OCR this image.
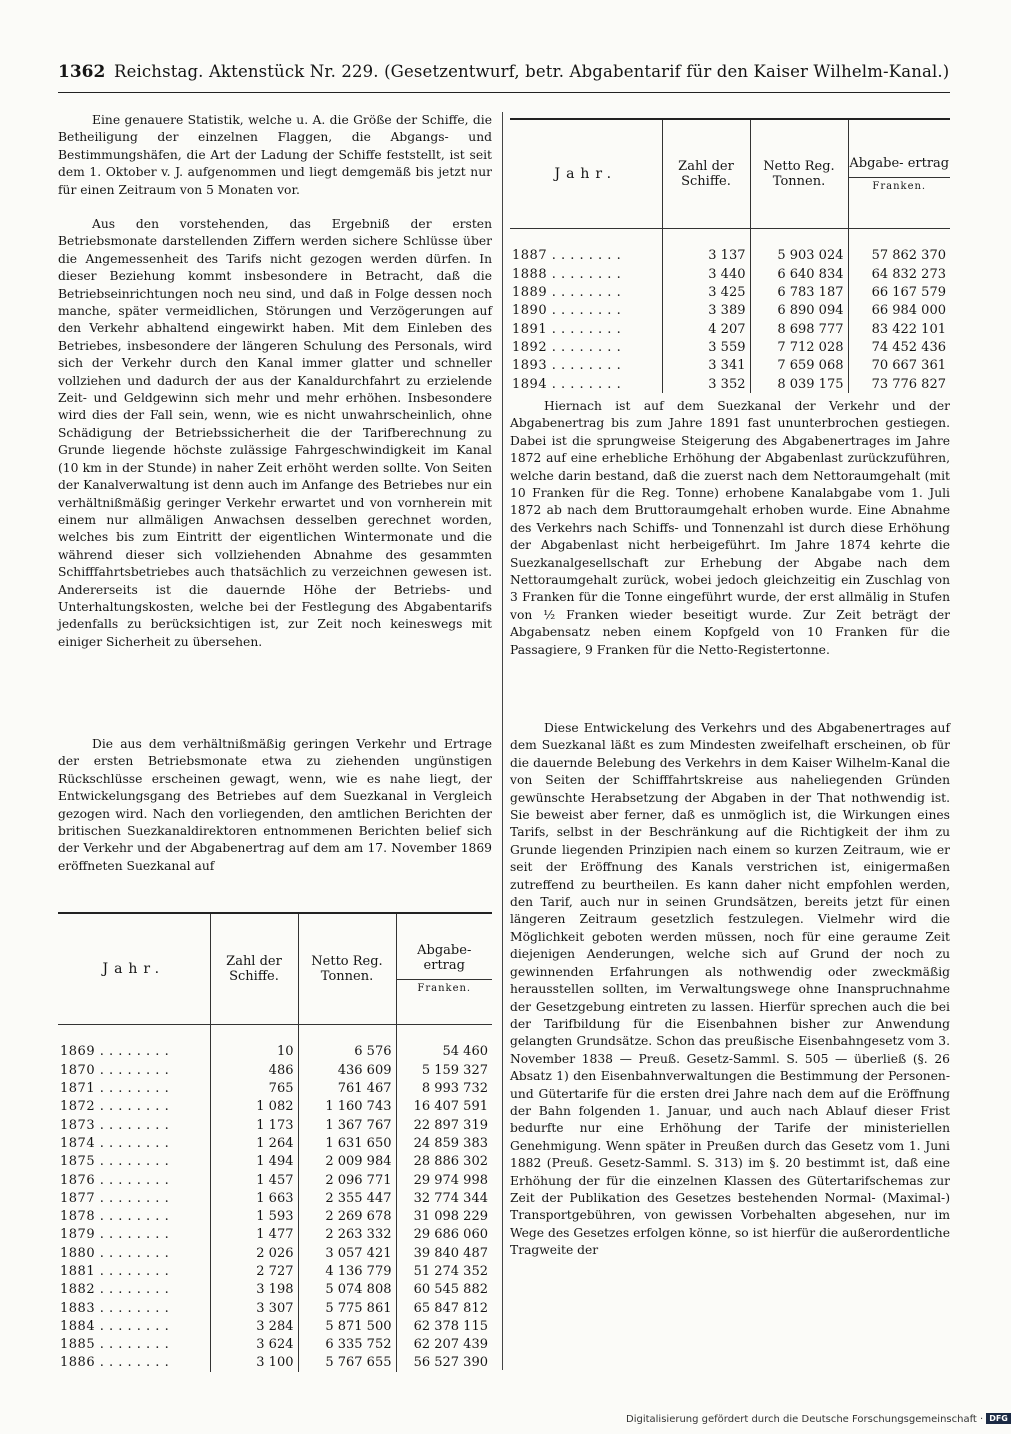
1362 Reichstag. Aktenstück Nr. 229. (Gesetzentwurf, betr. Abgabentarif für den Kaiser Wilhelm-Kanal.)

Eine genauere Statistik, welche u. A. die Größe der Schiffe, die Betheiligung der einzelnen Flaggen, die Abgangs- und Bestimmungshäfen, die Art der Ladung der Schiffe feststellt, ist seit dem 1. Oktober v. J. aufgenommen und liegt demgemäß bis jetzt nur für einen Zeitraum von 5 Monaten vor.

Aus den vorstehenden, das Ergebniß der ersten Betriebsmonate darstellenden Ziffern werden sichere Schlüsse über die Angemessenheit des Tarifs nicht gezogen werden dürfen. In dieser Beziehung kommt insbesondere in Betracht, daß die Betriebseinrichtungen noch neu sind, und daß in Folge dessen noch manche, später vermeidlichen, Störungen und Verzögerungen auf den Verkehr abhaltend eingewirkt haben. Mit dem Einleben des Betriebes, insbesondere der längeren Schulung des Personals, wird sich der Verkehr durch den Kanal immer glatter und schneller vollziehen und dadurch der aus der Kanaldurchfahrt zu erzielende Zeit- und Geldgewinn sich mehr und mehr erhöhen. Insbesondere wird dies der Fall sein, wenn, wie es nicht unwahrscheinlich, ohne Schädigung der Betriebssicherheit die der Tarifberechnung zu Grunde liegende höchste zulässige Fahrgeschwindigkeit im Kanal (10 km in der Stunde) in naher Zeit erhöht werden sollte. Von Seiten der Kanalverwaltung ist denn auch im Anfange des Betriebes nur ein verhältnißmäßig geringer Verkehr erwartet und von vornherein mit einem nur allmäligen Anwachsen desselben gerechnet worden, welches bis zum Eintritt der eigentlichen Wintermonate und die während dieser sich vollziehenden Abnahme des gesammten Schifffahrtsbetriebes auch thatsächlich zu verzeichnen gewesen ist. Andererseits ist die dauernde Höhe der Betriebs- und Unterhaltungskosten, welche bei der Festlegung des Abgabentarifs jedenfalls zu berücksichtigen ist, zur Zeit noch keineswegs mit einiger Sicherheit zu übersehen.

Die aus dem verhältnißmäßig geringen Verkehr und Ertrage der ersten Betriebsmonate etwa zu ziehenden ungünstigen Rückschlüsse erscheinen gewagt, wenn, wie es nahe liegt, der Entwickelungsgang des Betriebes auf dem Suezkanal in Vergleich gezogen wird. Nach den vorliegenden, den amtlichen Berichten der britischen Suezkanaldirektoren entnommenen Berichten belief sich der Verkehr und der Abgabenertrag auf dem am 17. November 1869 eröffneten Suezkanal auf

Jahr.	Zahl der Schiffe.	Netto Reg. Tonnen.	Abgabe- ertrag
Franken.

1869 . . . . . . . .	10	6 576	54 460
1870 . . . . . . . .	486	436 609	5 159 327
1871 . . . . . . . .	765	761 467	8 993 732
1872 . . . . . . . .	1 082	1 160 743	16 407 591
1873 . . . . . . . .	1 173	1 367 767	22 897 319
1874 . . . . . . . .	1 264	1 631 650	24 859 383
1875 . . . . . . . .	1 494	2 009 984	28 886 302
1876 . . . . . . . .	1 457	2 096 771	29 974 998
1877 . . . . . . . .	1 663	2 355 447	32 774 344
1878 . . . . . . . .	1 593	2 269 678	31 098 229
1879 . . . . . . . .	1 477	2 263 332	29 686 060
1880 . . . . . . . .	2 026	3 057 421	39 840 487
1881 . . . . . . . .	2 727	4 136 779	51 274 352
1882 . . . . . . . .	3 198	5 074 808	60 545 882
1883 . . . . . . . .	3 307	5 775 861	65 847 812
1884 . . . . . . . .	3 284	5 871 500	62 378 115
1885 . . . . . . . .	3 624	6 335 752	62 207 439
1886 . . . . . . . .	3 100	5 767 655	56 527 390
Jahr.	Zahl der Schiffe.	Netto Reg. Tonnen.	Abgabe- ertrag
Franken.

1887 . . . . . . . .	3 137	5 903 024	57 862 370
1888 . . . . . . . .	3 440	6 640 834	64 832 273
1889 . . . . . . . .	3 425	6 783 187	66 167 579
1890 . . . . . . . .	3 389	6 890 094	66 984 000
1891 . . . . . . . .	4 207	8 698 777	83 422 101
1892 . . . . . . . .	3 559	7 712 028	74 452 436
1893 . . . . . . . .	3 341	7 659 068	70 667 361
1894 . . . . . . . .	3 352	8 039 175	73 776 827

Hiernach ist auf dem Suezkanal der Verkehr und der Abgabenertrag bis zum Jahre 1891 fast ununterbrochen gestiegen. Dabei ist die sprungweise Steigerung des Abgabenertrages im Jahre 1872 auf eine erhebliche Erhöhung der Abgabenlast zurückzuführen, welche darin bestand, daß die zuerst nach dem Nettoraumgehalt (mit 10 Franken für die Reg. Tonne) erhobene Kanalabgabe vom 1. Juli 1872 ab nach dem Bruttoraumgehalt erhoben wurde. Eine Abnahme des Verkehrs nach Schiffs- und Tonnenzahl ist durch diese Erhöhung der Abgabenlast nicht herbeigeführt. Im Jahre 1874 kehrte die Suezkanalgesellschaft zur Erhebung der Abgabe nach dem Nettoraumgehalt zurück, wobei jedoch gleichzeitig ein Zuschlag von 3 Franken für die Tonne eingeführt wurde, der erst allmälig in Stufen von ½ Franken wieder beseitigt wurde. Zur Zeit beträgt der Abgabensatz neben einem Kopfgeld von 10 Franken für die Passagiere, 9 Franken für die Netto-Registertonne.

Diese Entwickelung des Verkehrs und des Abgabenertrages auf dem Suezkanal läßt es zum Mindesten zweifelhaft erscheinen, ob für die dauernde Belebung des Verkehrs in dem Kaiser Wilhelm-Kanal die von Seiten der Schifffahrtskreise aus naheliegenden Gründen gewünschte Herabsetzung der Abgaben in der That nothwendig ist. Sie beweist aber ferner, daß es unmöglich ist, die Wirkungen eines Tarifs, selbst in der Beschränkung auf die Richtigkeit der ihm zu Grunde liegenden Prinzipien nach einem so kurzen Zeitraum, wie er seit der Eröffnung des Kanals verstrichen ist, einigermaßen zutreffend zu beurtheilen. Es kann daher nicht empfohlen werden, den Tarif, auch nur in seinen Grundsätzen, bereits jetzt für einen längeren Zeitraum gesetzlich festzulegen. Vielmehr wird die Möglichkeit geboten werden müssen, noch für eine geraume Zeit diejenigen Aenderungen, welche sich auf Grund der noch zu gewinnenden Erfahrungen als nothwendig oder zweckmäßig herausstellen sollten, im Verwaltungswege ohne Inanspruchnahme der Gesetzgebung eintreten zu lassen. Hierfür sprechen auch die bei der Tarifbildung für die Eisenbahnen bisher zur Anwendung gelangten Grundsätze. Schon das preußische Eisenbahngesetz vom 3. November 1838 — Preuß. Gesetz-Samml. S. 505 — überließ (§. 26 Absatz 1) den Eisenbahnverwaltungen die Bestimmung der Personen- und Gütertarife für die ersten drei Jahre nach dem auf die Eröffnung der Bahn folgenden 1. Januar, und auch nach Ablauf dieser Frist bedurfte nur eine Erhöhung der Tarife der ministeriellen Genehmigung. Wenn später in Preußen durch das Gesetz vom 1. Juni 1882 (Preuß. Gesetz-Samml. S. 313) im §. 20 bestimmt ist, daß eine Erhöhung der für die einzelnen Klassen des Gütertarifschemas zur Zeit der Publikation des Gesetzes bestehenden Normal- (Maximal-) Transportgebühren, von gewissen Vorbehalten abgesehen, nur im Wege des Gesetzes erfolgen könne, so ist hierfür die außerordentliche Tragweite der

Digitalisierung gefördert durch die Deutsche Forschungsgemeinschaft · DFG
